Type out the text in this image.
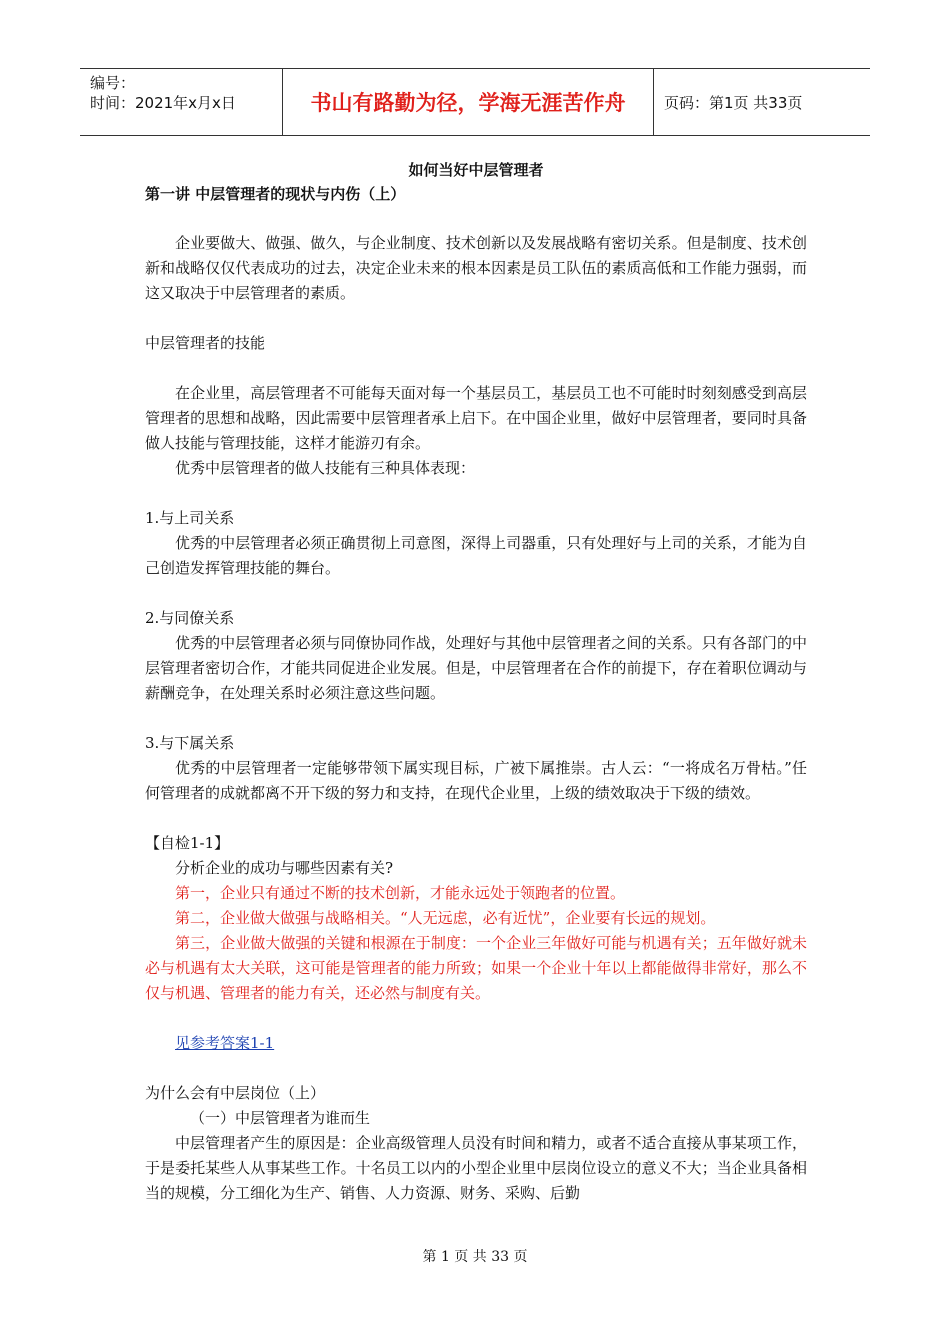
编号：
时间：2021年x月x日	书山有路勤为径，学海无涯苦作舟	页码：第1页 共33页
如何当好中层管理者
第一讲 中层管理者的现状与内伤（上）

企业要做大、做强、做久，与企业制度、技术创新以及发展战略有密切关系。但是制度、技术创新和战略仅仅代表成功的过去，决定企业未来的根本因素是员工队伍的素质高低和工作能力强弱，而这又取决于中层管理者的素质。

中层管理者的技能

在企业里，高层管理者不可能每天面对每一个基层员工，基层员工也不可能时时刻刻感受到高层管理者的思想和战略，因此需要中层管理者承上启下。在中国企业里，做好中层管理者，要同时具备做人技能与管理技能，这样才能游刃有余。

优秀中层管理者的做人技能有三种具体表现：

1.与上司关系

优秀的中层管理者必须正确贯彻上司意图，深得上司器重，只有处理好与上司的关系，才能为自己创造发挥管理技能的舞台。

2.与同僚关系

优秀的中层管理者必须与同僚协同作战，处理好与其他中层管理者之间的关系。只有各部门的中层管理者密切合作，才能共同促进企业发展。但是，中层管理者在合作的前提下，存在着职位调动与薪酬竞争，在处理关系时必须注意这些问题。

3.与下属关系

优秀的中层管理者一定能够带领下属实现目标，广被下属推崇。古人云：“一将成名万骨枯。”任何管理者的成就都离不开下级的努力和支持，在现代企业里，上级的绩效取决于下级的绩效。

【自检1-1】

分析企业的成功与哪些因素有关?

第一，企业只有通过不断的技术创新，才能永远处于领跑者的位置。

第二，企业做大做强与战略相关。“人无远虑，必有近忧”，企业要有长远的规划。

第三，企业做大做强的关键和根源在于制度：一个企业三年做好可能与机遇有关；五年做好就未必与机遇有太大关联，这可能是管理者的能力所致；如果一个企业十年以上都能做得非常好，那么不仅与机遇、管理者的能力有关，还必然与制度有关。

见参考答案1-1

为什么会有中层岗位（上）

（一）中层管理者为谁而生

中层管理者产生的原因是：企业高级管理人员没有时间和精力，或者不适合直接从事某项工作，于是委托某些人从事某些工作。十名员工以内的小型企业里中层岗位设立的意义不大；当企业具备相当的规模，分工细化为生产、销售、人力资源、财务、采购、后勤

第 1 页 共 33 页
